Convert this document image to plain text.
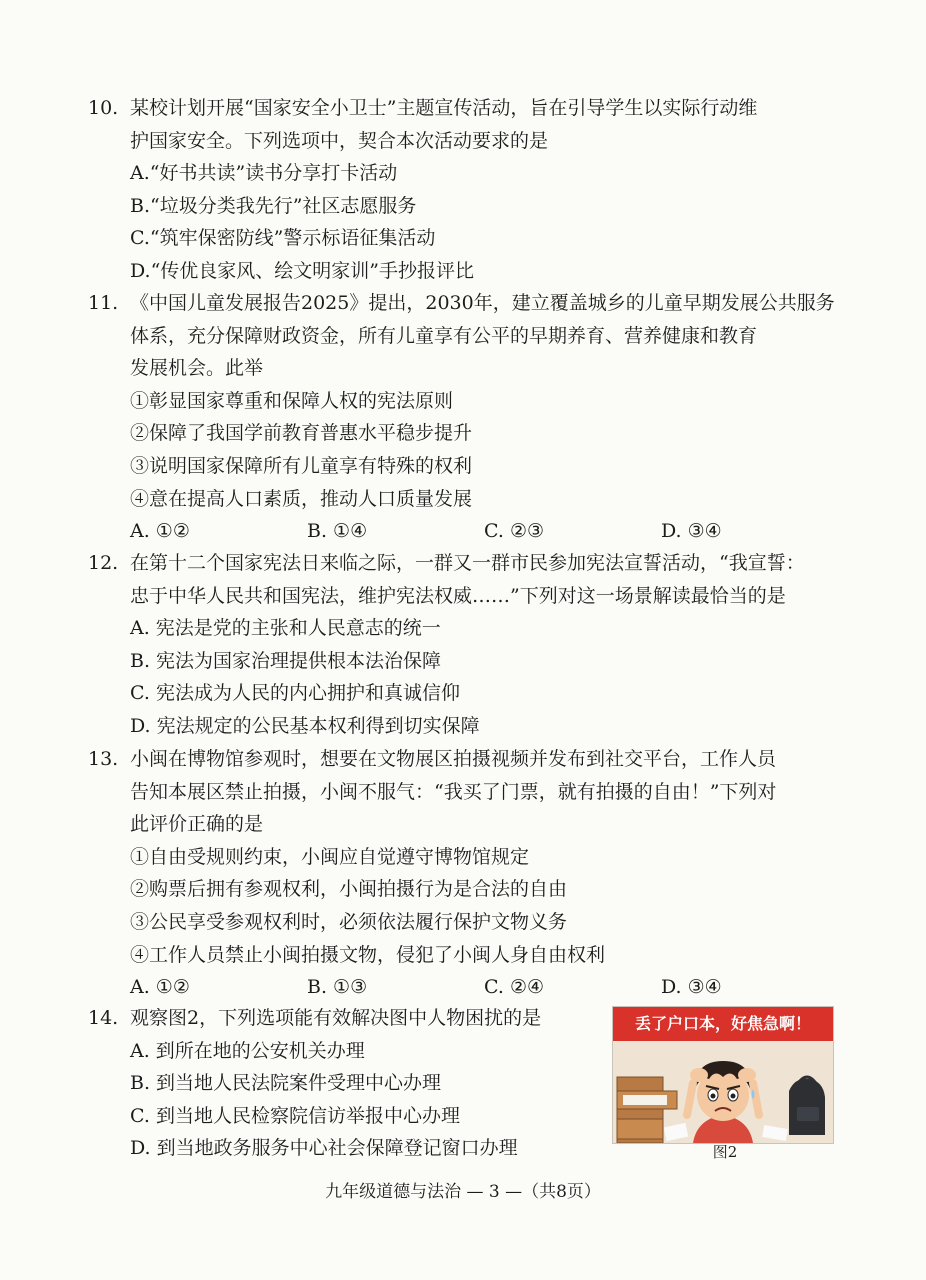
10. 某校计划开展“国家安全小卫士”主题宣传活动，旨在引导学生以实际行动维
护国家安全。下列选项中，契合本次活动要求的是
A.“好书共读”读书分享打卡活动
B.“垃圾分类我先行”社区志愿服务
C.“筑牢保密防线”警示标语征集活动
D.“传优良家风、绘文明家训”手抄报评比
11. 《中国儿童发展报告2025》提出，2030年，建立覆盖城乡的儿童早期发展公共服务
体系，充分保障财政资金，所有儿童享有公平的早期养育、营养健康和教育
发展机会。此举
①彰显国家尊重和保障人权的宪法原则
②保障了我国学前教育普惠水平稳步提升
③说明国家保障所有儿童享有特殊的权利
④意在提高人口素质，推动人口质量发展
A. ①②	B. ①④	C. ②③	D. ③④
12. 在第十二个国家宪法日来临之际，一群又一群市民参加宪法宣誓活动，“我宣誓：
忠于中华人民共和国宪法，维护宪法权威……”下列对这一场景解读最恰当的是
A. 宪法是党的主张和人民意志的统一
B. 宪法为国家治理提供根本法治保障
C. 宪法成为人民的内心拥护和真诚信仰
D. 宪法规定的公民基本权利得到切实保障
13. 小闽在博物馆参观时，想要在文物展区拍摄视频并发布到社交平台，工作人员
告知本展区禁止拍摄，小闽不服气：“我买了门票，就有拍摄的自由！”下列对
此评价正确的是
①自由受规则约束，小闽应自觉遵守博物馆规定
②购票后拥有参观权利，小闽拍摄行为是合法的自由
③公民享受参观权利时，必须依法履行保护文物义务
④工作人员禁止小闽拍摄文物，侵犯了小闽人身自由权利
A. ①②	B. ①③	C. ②④	D. ③④
14. 观察图2，下列选项能有效解决图中人物困扰的是
A. 到所在地的公安机关办理
B. 到当地人民法院案件受理中心办理
C. 到当地人民检察院信访举报中心办理
D. 到当地政务服务中心社会保障登记窗口办理
丢了户口本，好焦急啊！
图2
九年级道德与法治 — 3 —（共8页）
